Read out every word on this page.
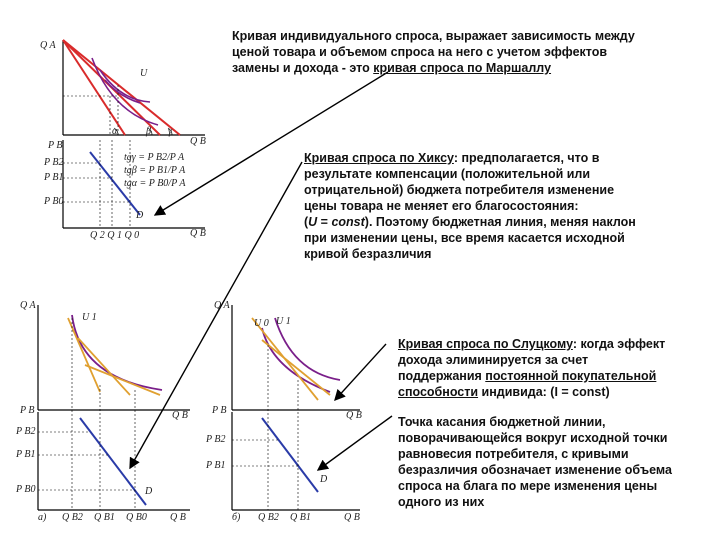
Q A
U
Q B
α	β γ
P B
P B2
P B1
P B0
tgγ = P B2/P A
tgβ = P B1/P A
tgα = P B0/P A
D
Q B
Q 2 Q 1 Q 0
Q A
U 1
P B	Q B
P B2
P B1
P B0	D
а) Q B2 Q B1 Q B0 Q B
Q A
U 0 U 1
P B	Q B
P B2
P B1
D
б) Q B2 Q B1	Q B
Кривая индивидуального спроса, выражает зависимость между
ценой товара и объемом спроса на него с учетом эффектов
замены и дохода - это кривая спроса по Маршаллу
Кривая спроса по Хиксу: предполагается, что в
результате компенсации (положительной или
отрицательной) бюджета потребителя изменение
цены товара не меняет его благосостояния:
(U = const). Поэтому бюджетная линия, меняя наклон
при изменении цены, все время касается исходной
кривой безразличия
Кривая спроса по Слуцкому: когда эффект
дохода элиминируется за счет
поддержания постоянной покупательной
способности индивида: (I = const)
Точка касания бюджетной линии,
поворачивающейся вокруг исходной точки
равновесия потребителя, с кривыми
безразличия обозначает изменение объема
спроса на блага по мере изменения цены
одного из них
